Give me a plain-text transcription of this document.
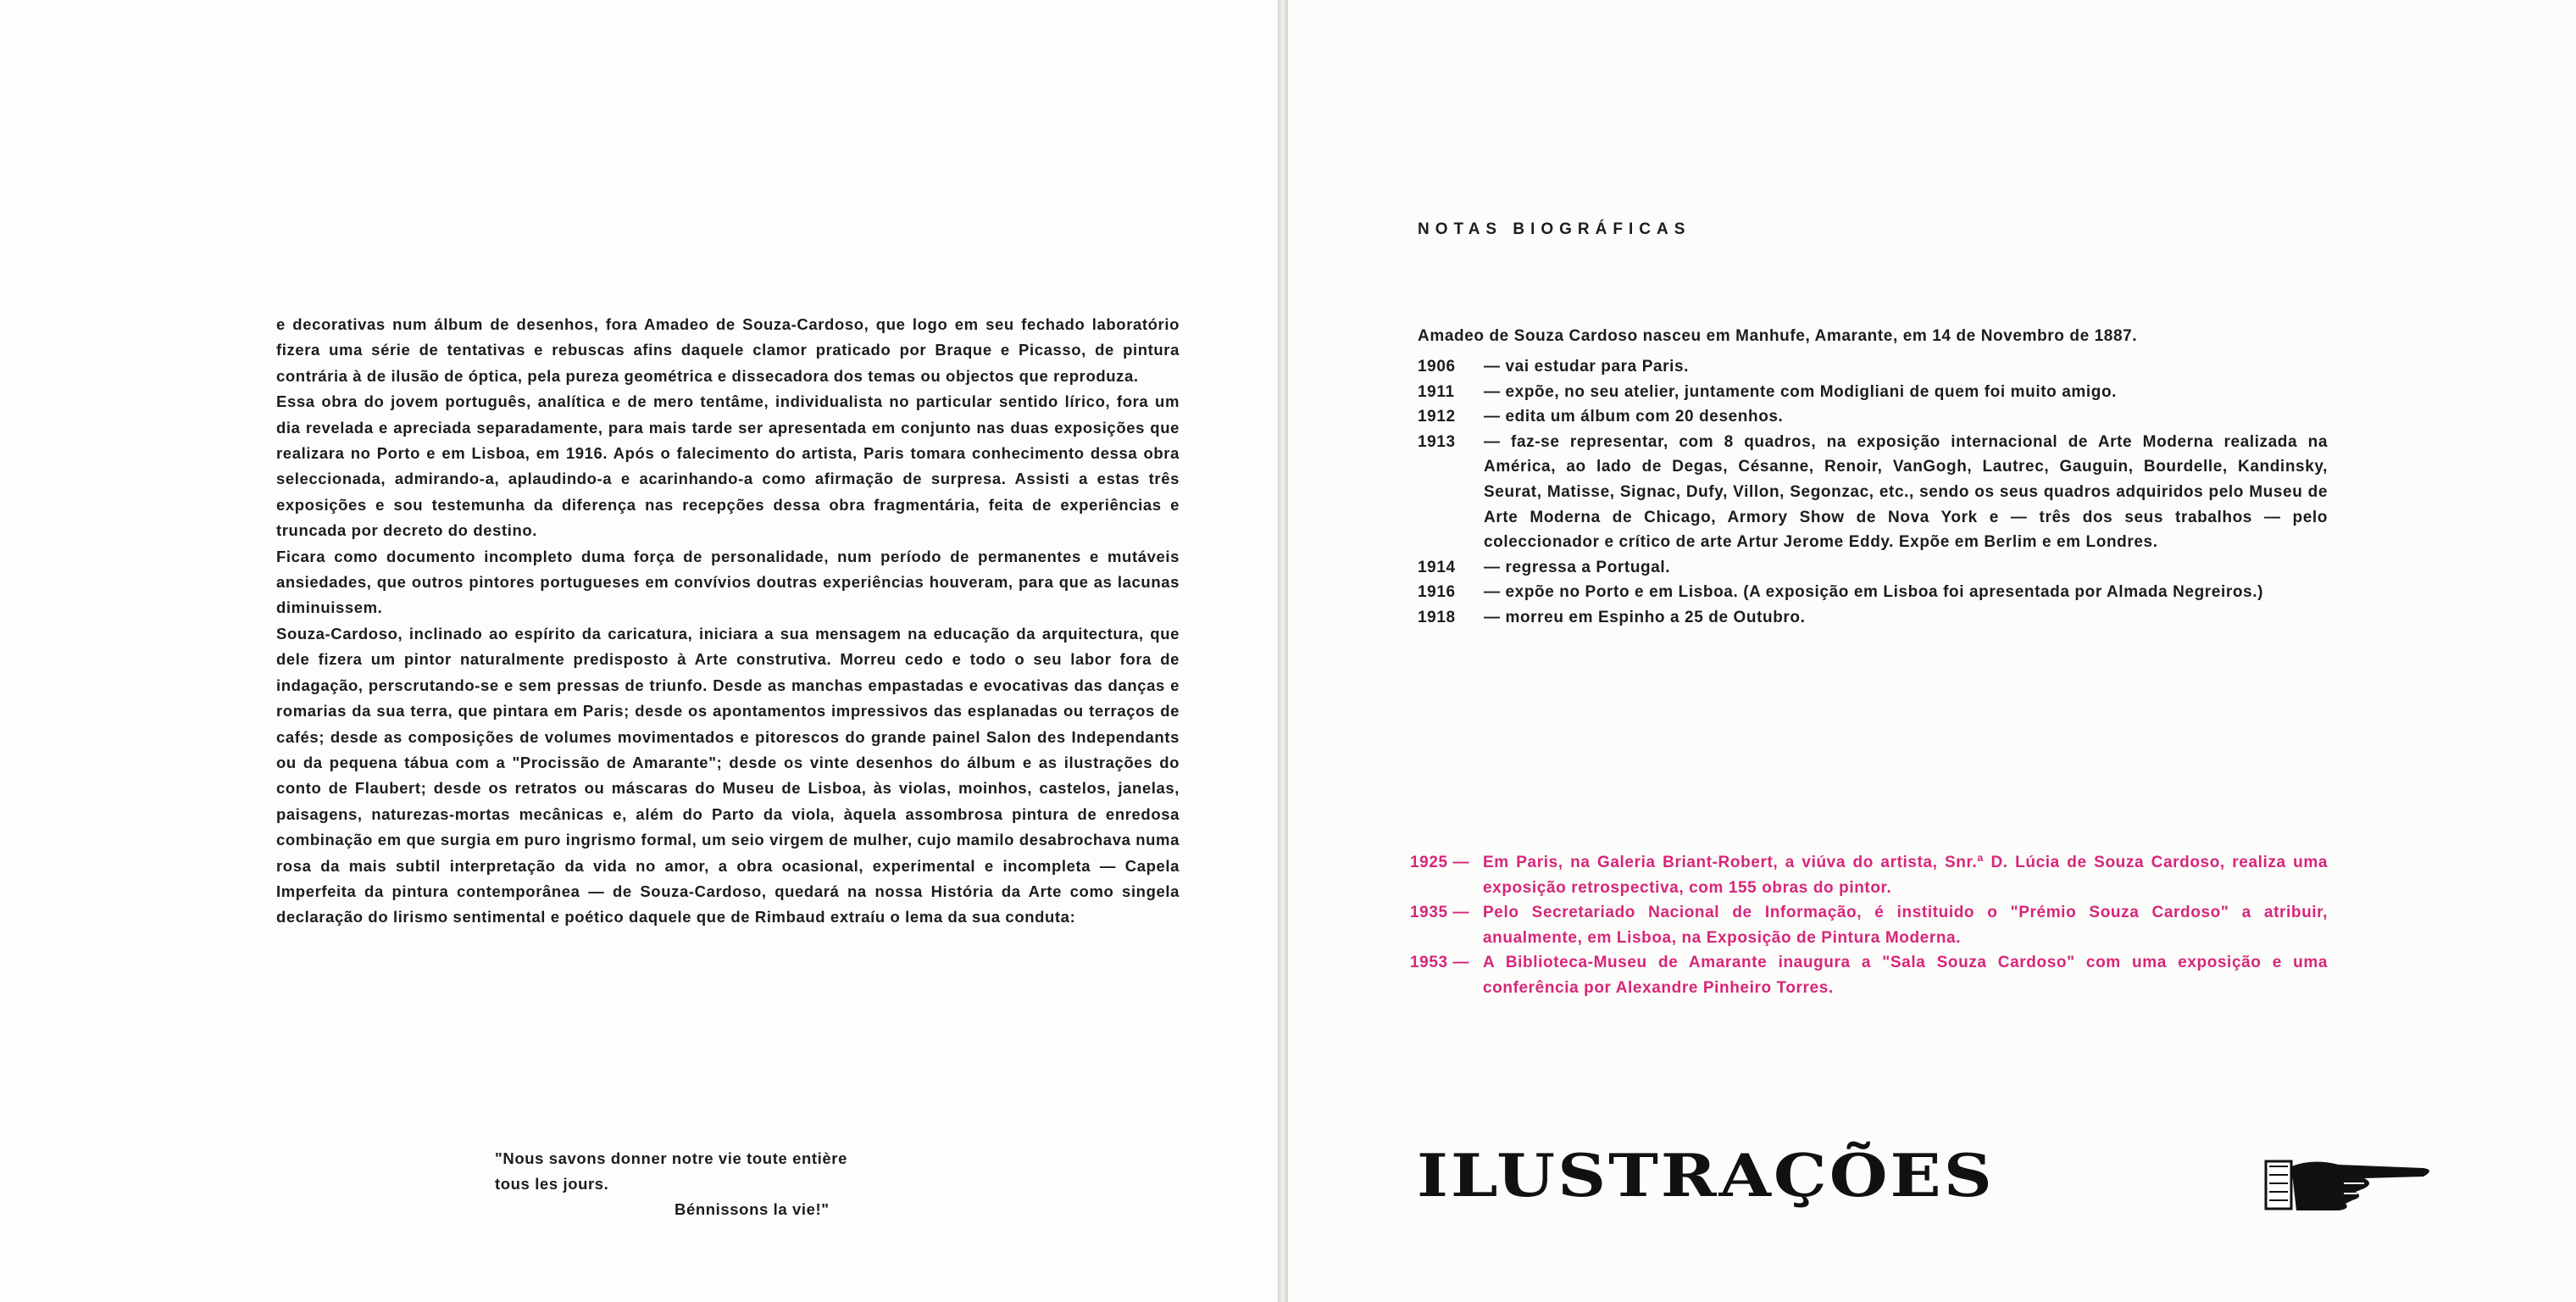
e decorativas num álbum de desenhos, fora Amadeo de Souza-Cardoso, que logo em seu fechado laboratório fizera uma série de tentativas e rebuscas afins daquele clamor praticado por Braque e Picasso, de pintura contrária à de ilusão de óptica, pela pureza geométrica e dissecadora dos temas ou objectos que reproduza.

Essa obra do jovem português, analítica e de mero tentâme, individualista no particular sentido lírico, fora um dia revelada e apreciada separadamente, para mais tarde ser apresentada em conjunto nas duas exposições que realizara no Porto e em Lisboa, em 1916. Após o falecimento do artista, Paris tomara conhecimento dessa obra seleccionada, admirando-a, aplaudindo-a e acarinhando-a como afirmação de surpresa. Assisti a estas três exposições e sou testemunha da diferença nas recepções dessa obra fragmentária, feita de experiências e truncada por decreto do destino.

Ficara como documento incompleto duma força de personalidade, num período de permanentes e mutáveis ansiedades, que outros pintores portugueses em convívios doutras experiências houveram, para que as lacunas diminuissem.

Souza-Cardoso, inclinado ao espírito da caricatura, iniciara a sua mensagem na educação da arquitectura, que dele fizera um pintor naturalmente predisposto à Arte construtiva. Morreu cedo e todo o seu labor fora de indagação, perscrutando-se e sem pressas de triunfo. Desde as manchas empastadas e evocativas das danças e romarias da sua terra, que pintara em Paris; desde os apontamentos impressivos das esplanadas ou terraços de cafés; desde as composições de volumes movimentados e pitorescos do grande painel Salon des Independants ou da pequena tábua com a "Procissão de Amarante"; desde os vinte desenhos do álbum e as ilustrações do conto de Flaubert; desde os retratos ou máscaras do Museu de Lisboa, às violas, moinhos, castelos, janelas, paisagens, naturezas-mortas mecânicas e, além do Parto da viola, àquela assombrosa pintura de enredosa combinação em que surgia em puro ingrismo formal, um seio virgem de mulher, cujo mamilo desabrochava numa rosa da mais subtil interpretação da vida no amor, a obra ocasional, experimental e incompleta — Capela Imperfeita da pintura contemporânea — de Souza-Cardoso, quedará na nossa História da Arte como singela declaração do lirismo sentimental e poético daquele que de Rimbaud extraíu o lema da sua conduta:

"Nous savons donner notre vie toute entière
tous les jours.
Bénnissons la vie!"
NOTAS BIOGRÁFICAS

Amadeo de Souza Cardoso nasceu em Manhufe, Amarante, em 14 de Novembro de 1887.

1906	— vai estudar para Paris.
1911	— expõe, no seu atelier, juntamente com Modigliani de quem foi muito amigo.
1912	— edita um álbum com 20 desenhos.
1913	— faz-se representar, com 8 quadros, na exposição internacional de Arte Moderna realizada na América, ao lado de Degas, Césanne, Renoir, VanGogh, Lautrec, Gauguin, Bourdelle, Kandinsky, Seurat, Matisse, Signac, Dufy, Villon, Segonzac, etc., sendo os seus quadros adquiridos pelo Museu de Arte Moderna de Chicago, Armory Show de Nova York e — três dos seus trabalhos — pelo coleccionador e crítico de arte Artur Jerome Eddy. Expõe em Berlim e em Londres.
1914	— regressa a Portugal.
1916	— expõe no Porto e em Lisboa. (A exposição em Lisboa foi apresentada por Almada Negreiros.)
1918	— morreu em Espinho a 25 de Outubro.
1925 — Em Paris, na Galeria Briant-Robert, a viúva do artista, Snr.ª D. Lúcia de Souza Cardoso, realiza uma exposição retrospectiva, com 155 obras do pintor.
1935 — Pelo Secretariado Nacional de Informação, é instituido o "Prémio Souza Cardoso" a atribuir, anualmente, em Lisboa, na Exposição de Pintura Moderna.
1953 — A Biblioteca-Museu de Amarante inaugura a "Sala Souza Cardoso" com uma exposição e uma conferência por Alexandre Pinheiro Torres.
ILUSTRAÇÕES
